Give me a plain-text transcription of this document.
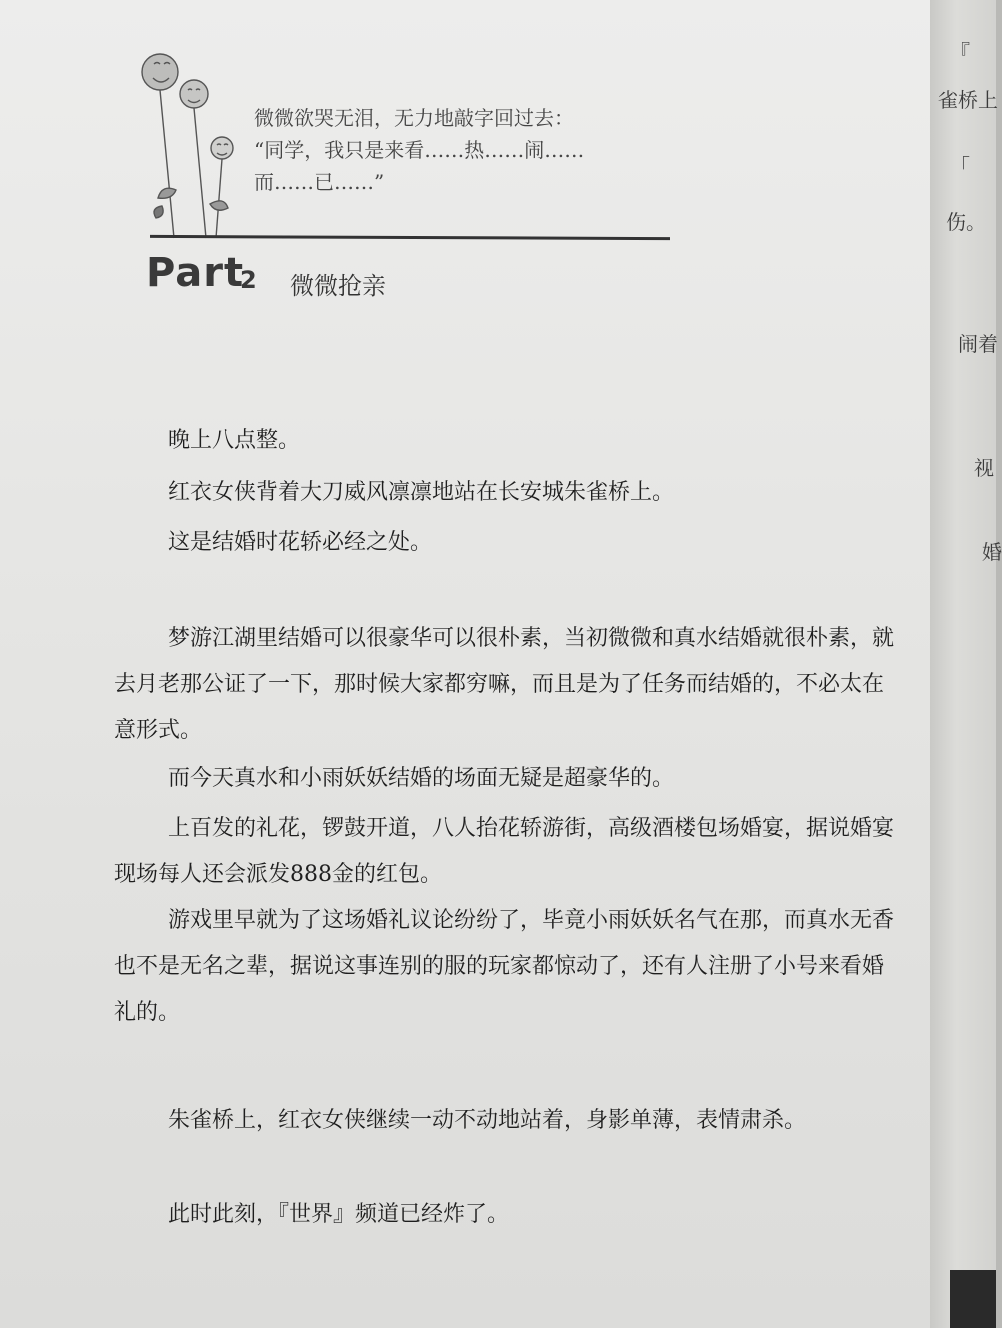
微微欲哭无泪，无力地敲字回过去：
“同学，我只是来看……热……闹……
而……已……”
Part
2 微微抢亲
晚上八点整。
红衣女侠背着大刀威风凛凛地站在长安城朱雀桥上。
这是结婚时花轿必经之处。
梦游江湖里结婚可以很豪华可以很朴素，当初微微和真水结婚就很朴素，就去月老那公证了一下，那时候大家都穷嘛，而且是为了任务而结婚的，不必太在意形式。
而今天真水和小雨妖妖结婚的场面无疑是超豪华的。
上百发的礼花，锣鼓开道，八人抬花轿游街，高级酒楼包场婚宴，据说婚宴现场每人还会派发888金的红包。
游戏里早就为了这场婚礼议论纷纷了，毕竟小雨妖妖名气在那，而真水无香也不是无名之辈，据说这事连别的服的玩家都惊动了，还有人注册了小号来看婚礼的。
朱雀桥上，红衣女侠继续一动不动地站着，身影单薄，表情肃杀。
此时此刻，『世界』频道已经炸了。
『
雀桥上
「
伤。
闹着
视
婚
